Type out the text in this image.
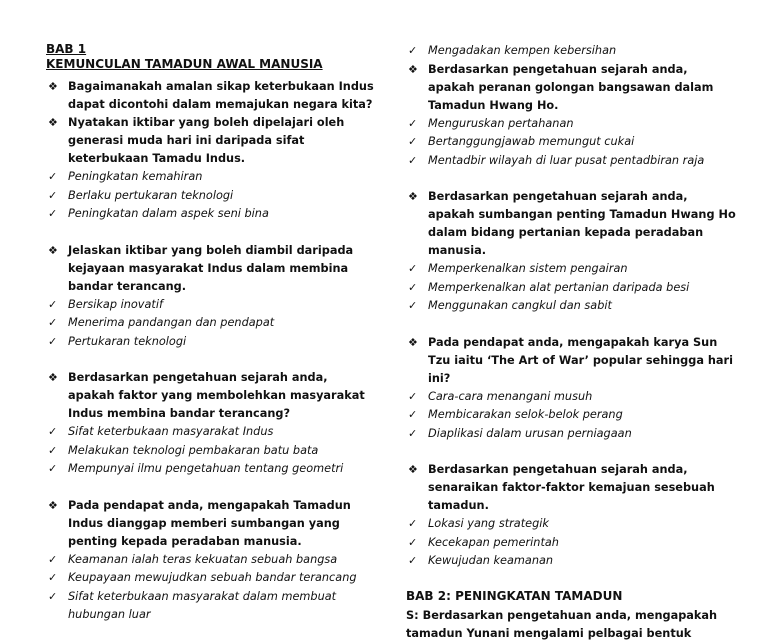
BAB 1
KEMUNCULAN TAMADUN AWAL MANUSIA
❖ Bagaimanakah amalan sikap keterbukaan Indus dapat dicontohi dalam memajukan negara kita?
❖ Nyatakan iktibar yang boleh dipelajari oleh generasi muda hari ini daripada sifat keterbukaan Tamadu Indus.
✓ Peningkatan kemahiran
✓ Berlaku pertukaran teknologi
✓ Peningkatan dalam aspek seni bina
❖ Jelaskan iktibar yang boleh diambil daripada kejayaan masyarakat Indus dalam membina bandar terancang.
✓ Bersikap inovatif
✓ Menerima pandangan dan pendapat
✓ Pertukaran teknologi
❖ Berdasarkan pengetahuan sejarah anda, apakah faktor yang membolehkan masyarakat Indus membina bandar terancang?
✓ Sifat keterbukaan masyarakat Indus
✓ Melakukan teknologi pembakaran batu bata
✓ Mempunyai ilmu pengetahuan tentang geometri
❖ Pada pendapat anda, mengapakah Tamadun Indus dianggap memberi sumbangan yang penting kepada peradaban manusia.
✓ Keamanan ialah teras kekuatan sebuah bangsa
✓ Keupayaan mewujudkan sebuah bandar terancang
✓ Sifat keterbukaan masyarakat dalam membuat hubungan luar
✓ Mengadakan kempen kebersihan
❖ Berdasarkan pengetahuan sejarah anda, apakah peranan golongan bangsawan dalam Tamadun Hwang Ho.
✓ Menguruskan pertahanan
✓ Bertanggungjawab memungut cukai
✓ Mentadbir wilayah di luar pusat pentadbiran raja
❖ Berdasarkan pengetahuan sejarah anda, apakah sumbangan penting Tamadun Hwang Ho dalam bidang pertanian kepada peradaban manusia.
✓ Memperkenalkan sistem pengairan
✓ Memperkenalkan alat pertanian daripada besi
✓ Menggunakan cangkul dan sabit
❖ Pada pendapat anda, mengapakah karya Sun Tzu iaitu ‘The Art of War’ popular sehingga hari ini?
✓ Cara-cara menangani musuh
✓ Membicarakan selok-belok perang
✓ Diaplikasi dalam urusan perniagaan
❖ Berdasarkan pengetahuan sejarah anda, senaraikan faktor-faktor kemajuan sesebuah tamadun.
✓ Lokasi yang strategik
✓ Kecekapan pemerintah
✓ Kewujudan keamanan
BAB 2: PENINGKATAN TAMADUN
S: Berdasarkan pengetahuan anda, mengapakah tamadun Yunani mengalami pelbagai bentuk
